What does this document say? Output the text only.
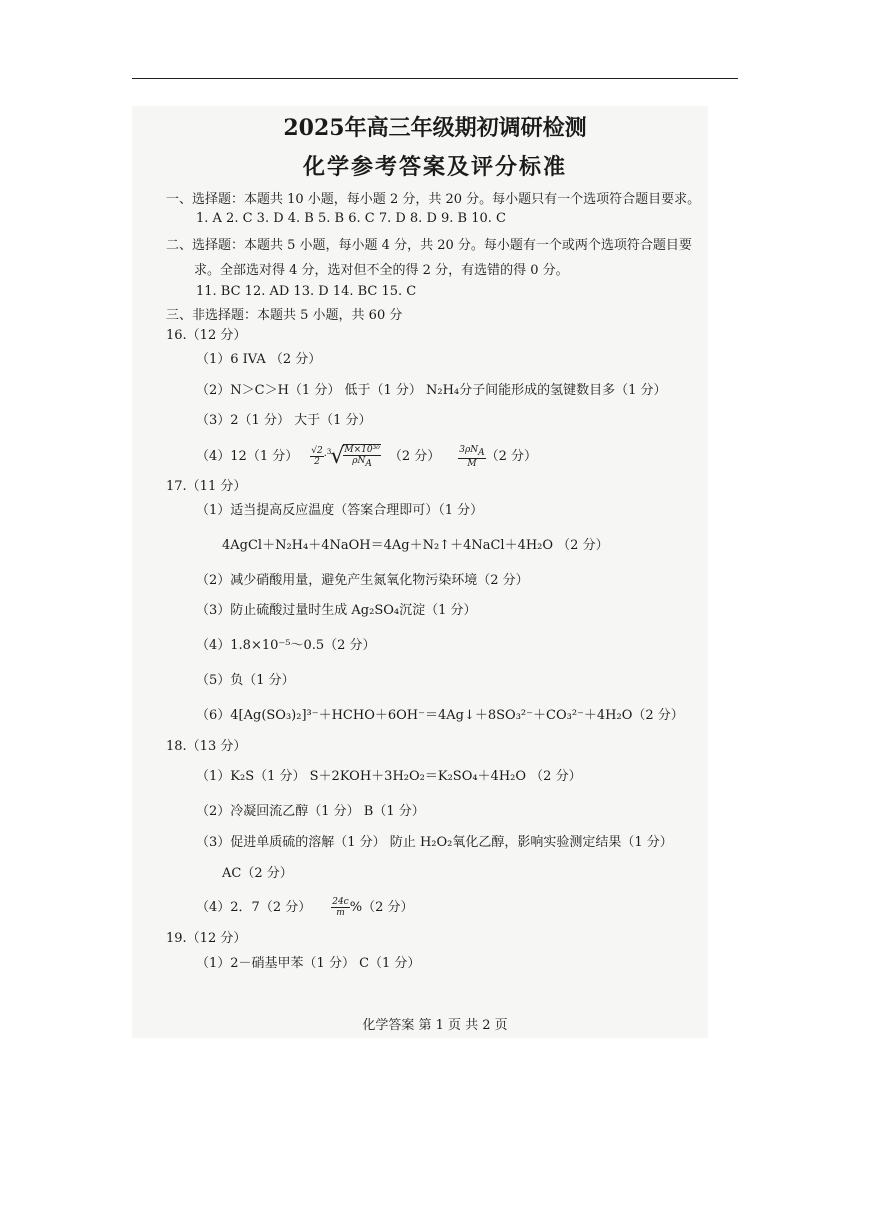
2025年高三年级期初调研检测
化学参考答案及评分标准
一、选择题：本题共 10 小题，每小题 2 分，共 20 分。每小题只有一个选项符合题目要求。
1. A 2. C 3. D 4. B 5. B 6. C 7. D 8. D 9. B 10. C
二、选择题：本题共 5 小题，每小题 4 分，共 20 分。每小题有一个或两个选项符合题目要
求。全部选对得 4 分，选对但不全的得 2 分，有选错的得 0 分。
11. BC 12. AD 13. D 14. BC 15. C
三、非选择题：本题共 5 小题，共 60 分
16.（12 分）
（1）6 IVA （2 分）
（2）N＞C＞H（1 分） 低于（1 分） N₂H₄分子间能形成的氢键数目多（1 分）
（3）2（1 分） 大于（1 分）
（4）12（1 分） $\frac{√2}{2} \cdot 3$ √ $\frac{\text{M×10³⁰}}{\text{ρNA}} (2$ 分） $\frac{\text{3ρNA}}{M} (2$ 分）
17.（11 分）
（1）适当提高反应温度（答案合理即可）（1 分）
4AgCl＋N₂H₄＋4NaOH＝4Ag＋N₂↑＋4NaCl＋4H₂O （2 分）
（2）减少硝酸用量，避免产生氮氧化物污染环境（2 分）
（3）防止硫酸过量时生成 Ag₂SO₄沉淀（1 分）
（4）1.8×10⁻⁵～0.5（2 分）
（5）负（1 分）
（6）4[Ag(SO₃)₂]³⁻＋HCHO＋6OH⁻＝4Ag↓＋8SO₃²⁻＋CO₃²⁻＋4H₂O（2 分）
18.（13 分）
（1）K₂S（1 分） S＋2KOH＋3H₂O₂＝K₂SO₄＋4H₂O （2 分）
（2）冷凝回流乙醇（1 分） B（1 分）
（3）促进单质硫的溶解（1 分） 防止 H₂O₂氧化乙醇，影响实验测定结果（1 分）
AC（2 分）
（4）2．7（2 分） $\frac{24c}{m} \%(2$ 分）
19.（12 分）
（1）2－硝基甲苯（1 分） C（1 分）
化学答案 第 1 页 共 2 页
